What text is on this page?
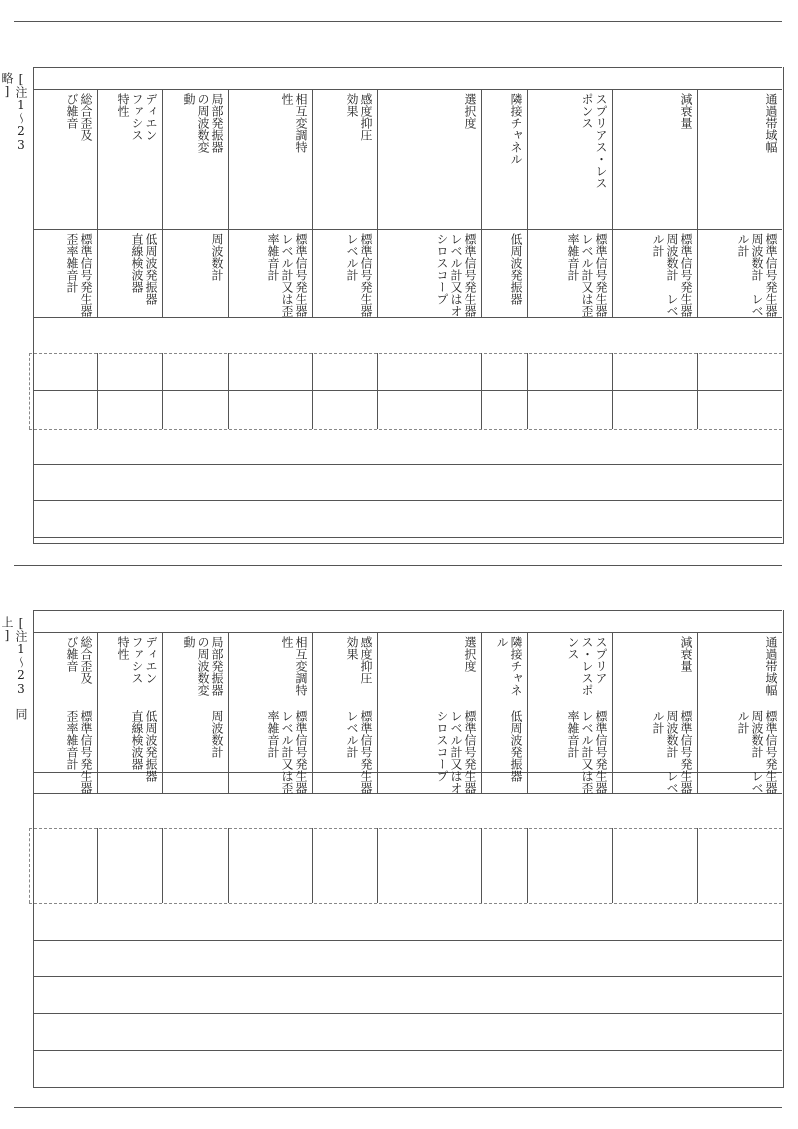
[注1〜23　略]
通過帯域幅
減衰量
スプリアス・レスポンス
隣接チャネル
選択度
感度抑圧効果
相互変調特性
局部発振器の周波数変動
ディエンファシス特性
総合歪及び雑音
標準信号発生器　周波数計　レベル計
標準信号発生器　周波数計　レベル計
標準信号発生器　レベル計又は歪率雑音計
低周波発振器
標準信号発生器　レベル計又はオシロスコープ
標準信号発生器　レベル計
標準信号発生器　レベル計又は歪率雑音計
周波数計
低周波発振器　直線検波器
標準信号発生器　歪率雑音計
[注1〜23　同上]
通過帯域幅
減衰量
スプリアス・レスポンス
隣接チャネル
選択度
感度抑圧効果
相互変調特性
局部発振器の周波数変動
ディエンファシス特性
総合歪及び雑音
標準信号発生器　周波数計　レベル計
標準信号発生器　周波数計　レベル計
標準信号発生器　レベル計又は歪率雑音計
低周波発振器
標準信号発生器　レベル計又はオシロスコープ
標準信号発生器　レベル計
標準信号発生器　レベル計又は歪率雑音計
周波数計
低周波発振器　直線検波器
標準信号発生器　歪率雑音計
